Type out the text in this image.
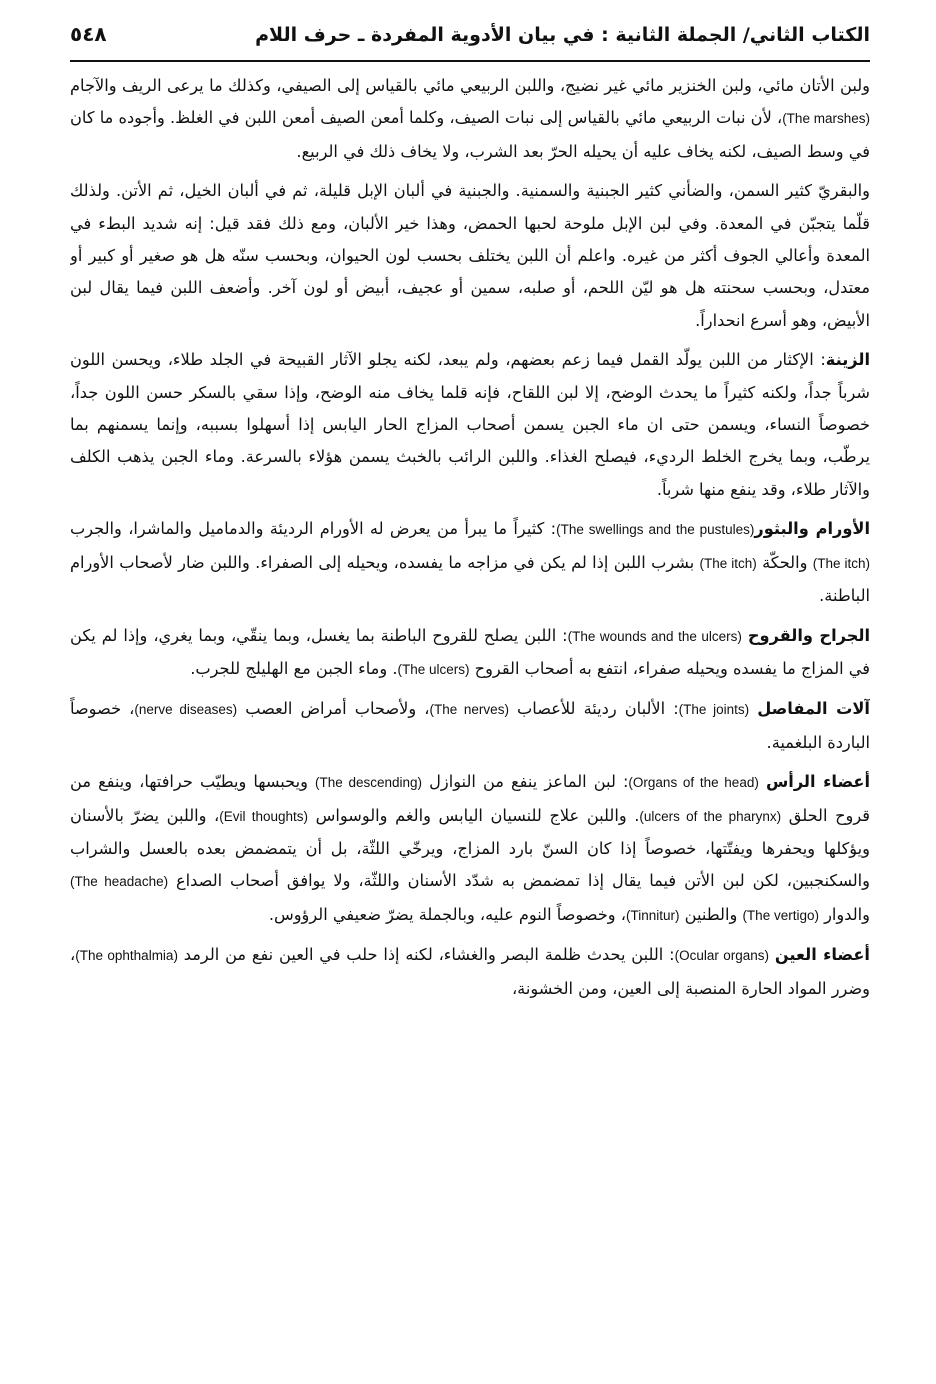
الكتاب الثاني/ الجملة الثانية : في بيان الأدوية المفردة ـ حرف اللام
٥٤٨

ولبن الأتان مائي، ولبن الخنزير مائي غير نضيج، واللبن الربيعي مائي بالقياس إلى الصيفي، وكذلك ما يرعى الريف والآجام (The marshes)، لأن نبات الربيعي مائي بالقياس إلى نبات الصيف، وكلما أمعن الصيف أمعن اللبن في الغلظ. وأجوده ما كان في وسط الصيف، لكنه يخاف عليه أن يحيله الحرّ بعد الشرب، ولا يخاف ذلك في الربيع.

والبقريّ كثير السمن، والضأني كثير الجبنية والسمنية. والجبنية في ألبان الإبل قليلة، ثم في ألبان الخيل، ثم الأتن. ولذلك قلّما يتجبّن في المعدة. وفي لبن الإبل ملوحة لحبها الحمض، وهذا خير الألبان، ومع ذلك فقد قيل: إنه شديد البطء في المعدة وأعالي الجوف أكثر من غيره. واعلم أن اللبن يختلف بحسب لون الحيوان، وبحسب سنّه هل هو صغير أو كبير أو معتدل، وبحسب سحنته هل هو ليّن اللحم، أو صلبه، سمين أو عجيف، أبيض أو لون آخر. وأضعف اللبن فيما يقال لبن الأبيض، وهو أسرع انحداراً.

الزينة: الإكثار من اللبن يولّد القمل فيما زعم بعضهم، ولم يبعد، لكنه يجلو الآثار القبيحة في الجلد طلاء، ويحسن اللون شرباً جداً، ولكنه كثيراً ما يحدث الوضح، إلا لبن اللقاح، فإنه قلما يخاف منه الوضح، وإذا سقي بالسكر حسن اللون جداً، خصوصاً النساء، ويسمن حتى ان ماء الجبن يسمن أصحاب المزاج الحار اليابس إذا أسهلوا بسببه، وإنما يسمنهم بما يرطّب، وبما يخرج الخلط الرديء، فيصلح الغذاء. واللبن الرائب بالخبث يسمن هؤلاء بالسرعة. وماء الجبن يذهب الكلف والآثار طلاء، وقد ينفع منها شرباً.

الأورام والبثور(The swellings and the pustules): كثيراً ما يبرأ من يعرض له الأورام الرديئة والدماميل والماشرا، والجرب (The itch) والحكّة (The itch) بشرب اللبن إذا لم يكن في مزاجه ما يفسده، ويحيله إلى الصفراء. واللبن ضار لأصحاب الأورام الباطنة.

الجراح والقروح (The wounds and the ulcers): اللبن يصلح للقروح الباطنة بما يغسل، وبما ينقّي، وبما يغري، وإذا لم يكن في المزاج ما يفسده ويحيله صفراء، انتفع به أصحاب القروح (The ulcers). وماء الجبن مع الهليلج للجرب.

آلات المفاصل (The joints): الألبان رديئة للأعصاب (The nerves)، ولأصحاب أمراض العصب (nerve diseases)، خصوصاً الباردة البلغمية.

أعضاء الرأس (Organs of the head): لبن الماعز ينفع من النوازل (The descending) ويحبسها ويطيّب حرافتها، وينفع من قروح الحلق (ulcers of the pharynx). واللبن علاج للنسيان اليابس والغم والوسواس (Evil thoughts)، واللبن يضرّ بالأسنان ويؤكلها ويحفرها ويفتّتها، خصوصاً إذا كان السنّ بارد المزاج، ويرخّي اللثّة، بل أن يتمضمض بعده بالعسل والشراب والسكنجبين، لكن لبن الأتن فيما يقال إذا تمضمض به شدّد الأسنان واللثّة، ولا يوافق أصحاب الصداع (The headache) والدوار (The vertigo) والطنين (Tinnitur)، وخصوصاً النوم عليه، وبالجملة يضرّ ضعيفي الرؤوس.

أعضاء العين (Ocular organs): اللبن يحدث ظلمة البصر والغشاء، لكنه إذا حلب في العين نفع من الرمد (The ophthalmia)، وضرر المواد الحارة المنصبة إلى العين، ومن الخشونة،
